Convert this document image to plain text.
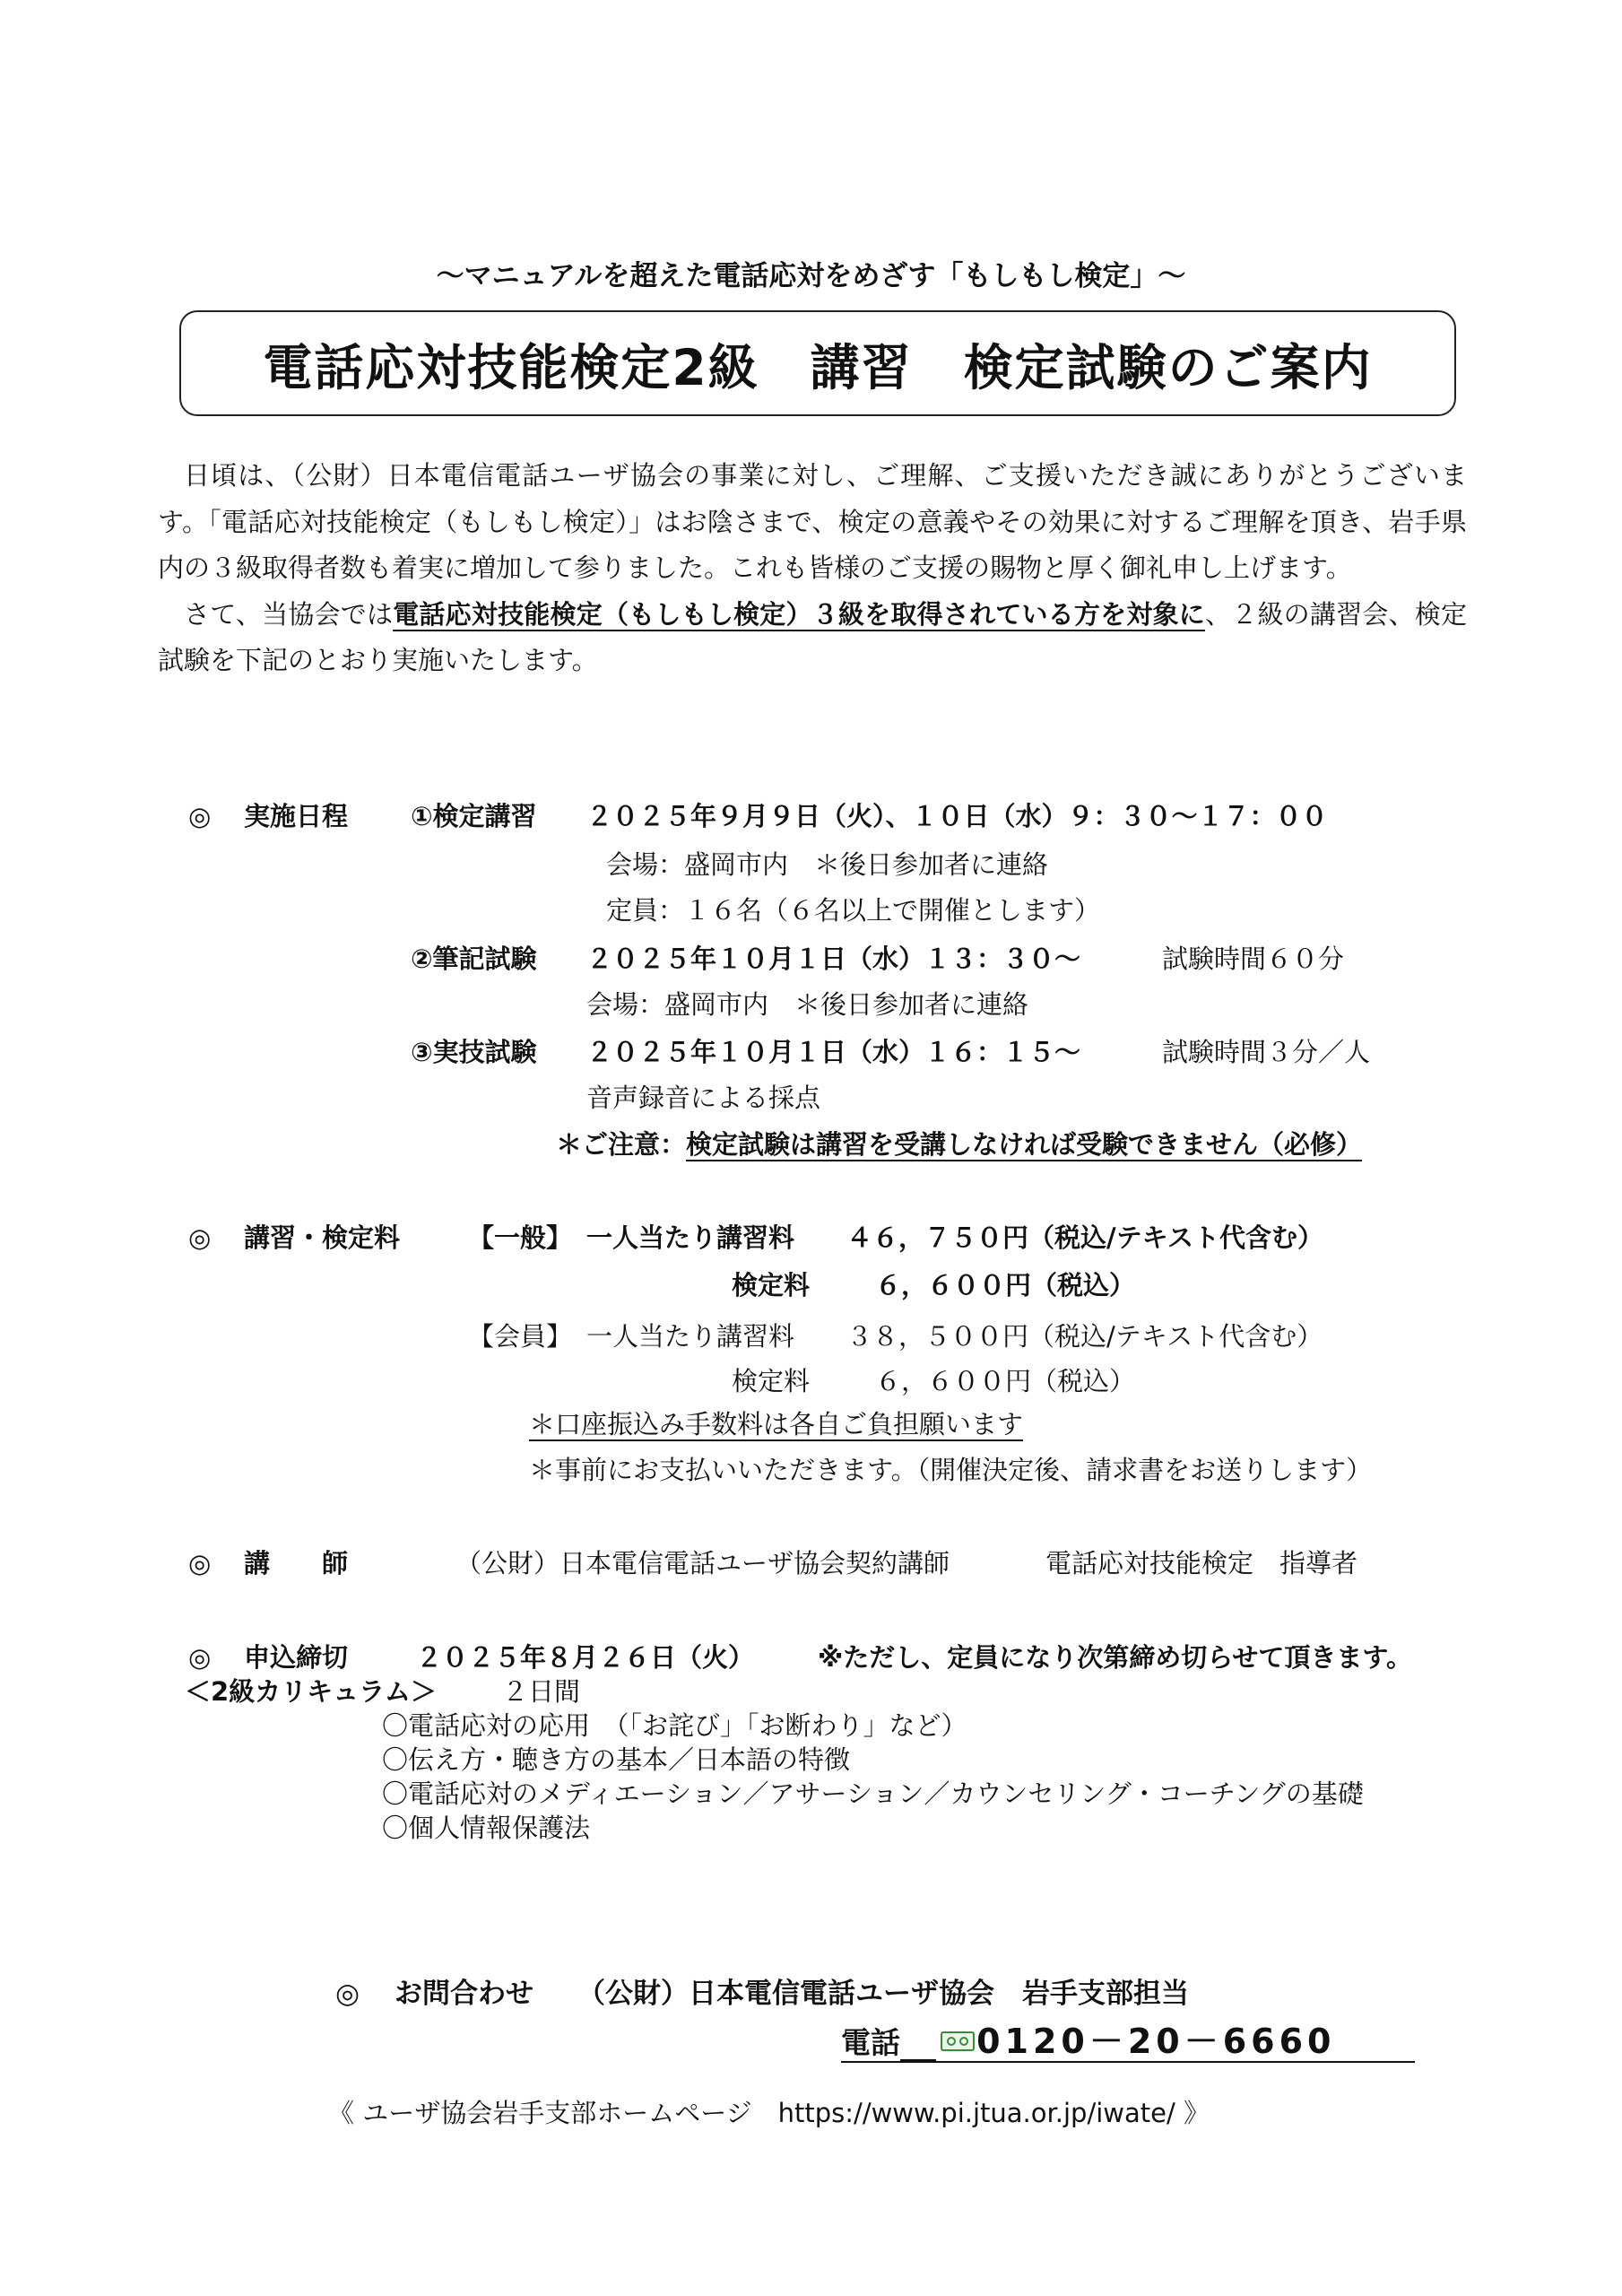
～マニュアルを超えた電話応対をめざす「もしもし検定」～
電話応対技能検定2級　講習　検定試験のご案内

日頃は、（公財）日本電信電話ユーザ協会の事業に対し、ご理解、ご支援いただき誠にありがとうございます。「電話応対技能検定（もしもし検定）」はお陰さまで、検定の意義やその効果に対するご理解を頂き、岩手県内の３級取得者数も着実に増加して参りました。これも皆様のご支援の賜物と厚く御礼申し上げます。

さて、当協会では電話応対技能検定（もしもし検定）３級を取得されている方を対象に、２級の講習会、検定試験を下記のとおり実施いたします。

◎ 実施日程 ①検定講習 ２０２５年９月９日（火）、１０日（水）９：３０～１７：００
会場：盛岡市内　＊後日参加者に連絡
定員：１６名（６名以上で開催とします）
②筆記試験 ２０２５年１０月１日（水）１３：３０～	試験時間６０分
会場：盛岡市内　＊後日参加者に連絡
③実技試験 ２０２５年１０月１日（水）１６：１５～	試験時間３分／人
音声録音による採点
＊ご注意：検定試験は講習を受講しなければ受験できません（必修）
◎ 講習・検定料	【一般】 一人当たり講習料 ４６，７５０円（税込/テキスト代含む）
検定料	６，６００円（税込）
【会員】 一人当たり講習料 ３８，５００円（税込/テキスト代含む）
検定料	６，６００円（税込）
＊口座振込み手数料は各自ご負担願います
＊事前にお支払いいただきます。（開催決定後、請求書をお送りします）
◎ 講　　師	（公財）日本電信電話ユーザ協会契約講師	電話応対技能検定　指導者
◎ 申込締切	２０２５年８月２６日（火） ※ただし、定員になり次第締め切らせて頂きます。
＜2級カリキュラム＞	２日間
〇電話応対の応用　（「お詫び」「お断わり」など）
〇伝え方・聴き方の基本／日本語の特徴
〇電話応対のメディエーション／アサーション／カウンセリング・コーチングの基礎
〇個人情報保護法
◎ お問合わせ （公財）日本電信電話ユーザ協会　岩手支部担当
電話 0120－20－6660
《 ユーザ協会岩手支部ホームページ　https://www.pi.jtua.or.jp/iwate/ 》
